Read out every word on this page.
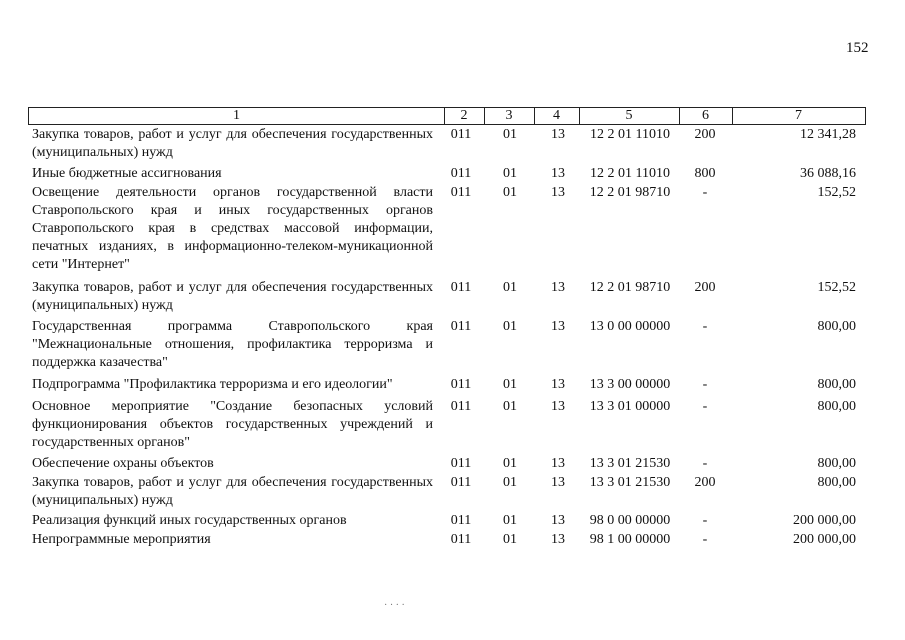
152
1	2	3	4	5	6	7
Закупка товаров, работ и услуг для обеспечения государственных (муниципальных) нужд
011	01	13	12 2 01 11010	200	12 341,28
Иные бюджетные ассигнования	011	01	13	12 2 01 11010	800	36 088,16
Освещение деятельности органов государственной власти Ставропольского края и иных государственных органов Ставропольского края в средствах массовой информации, печатных изданиях, в информационно-телеком-муникационной сети "Интернет"
011	01	13	12 2 01 98710	-	152,52
Закупка товаров, работ и услуг для обеспечения государственных (муниципальных) нужд
011	01	13	12 2 01 98710	200	152,52
Государственная программа Ставропольского края "Межнациональные отношения, профилактика терроризма и поддержка казачества"
011	01	13	13 0 00 00000	-	800,00
Подпрограмма "Профилактика терроризма и его идеологии"	011	01	13	13 3 00 00000	-	800,00
Основное мероприятие "Создание безопасных условий функционирования объектов государственных учреждений и государственных органов"
011	01	13	13 3 01 00000	-	800,00
Обеспечение охраны объектов	011	01	13	13 3 01 21530	-	800,00
Закупка товаров, работ и услуг для обеспечения государственных (муниципальных) нужд
011	01	13	13 3 01 21530	200	800,00
Реализация функций иных государственных органов	011	01	13	98 0 00 00000	-	200 000,00
Непрограммные мероприятия	011	01	13	98 1 00 00000	-	200 000,00
· · · ·
